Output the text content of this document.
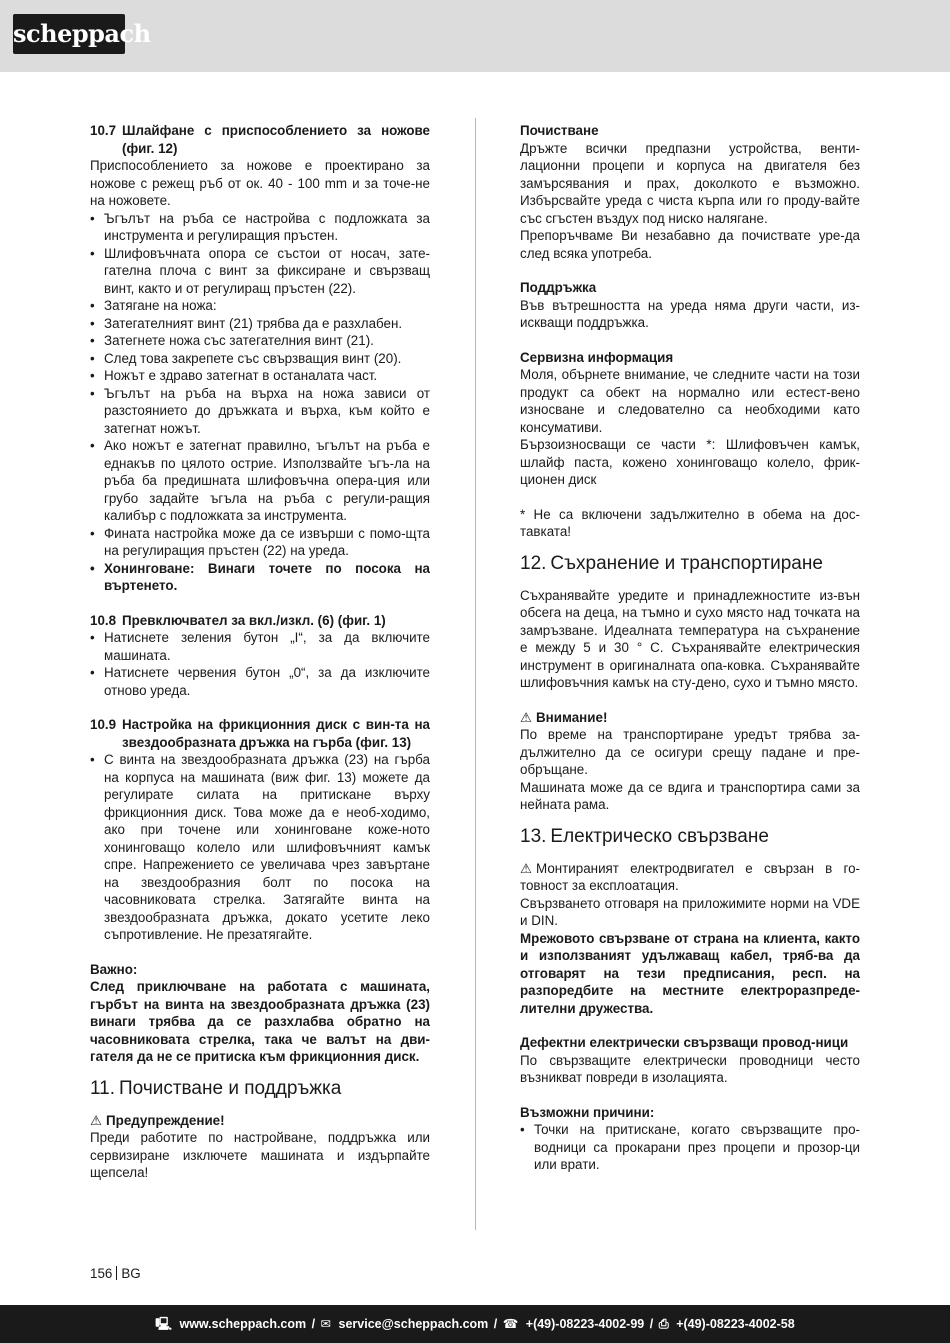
scheppach
10.7 Шлайфане с приспособлението за ножове (фиг. 12)

Приспособлението за ножове е проектирано за ножове с режещ ръб от ок. 40 - 100 mm и за точе-не на ножовете.

• Ъгълът на ръба се настройва с подложката за инструмента и регулиращия пръстен.
• Шлифовъчната опора се състои от носач, зате-гателна плоча с винт за фиксиране и свързващ винт, както и от регулиращ пръстен (22).
• Затягане на ножа:
• Затегателният винт (21) трябва да е разхлабен.
• Затегнете ножа със затегателния винт (21).
• След това закрепете със свързващия винт (20).
• Ножът е здраво затегнат в останалата част.
• Ъгълът на ръба на върха на ножа зависи от разстоянието до дръжката и върха, към който е затегнат ножът.
• Ако ножът е затегнат правилно, ъгълът на ръба е еднакъв по цялото острие. Използвайте ъгъ-ла на ръба ба предишната шлифовъчна опера-ция или грубо задайте ъгъла на ръба с регули-ращия калибър с подложката за инструмента.
• Фината настройка може да се извърши с помо-щта на регулиращия пръстен (22) на уреда.
• Хонинговане: Винаги точете по посока на въртенето.
10.8 Превключвател за вкл./изкл. (6) (фиг. 1)
• Натиснете зеления бутон „I“, за да включите машината.
• Натиснете червения бутон „0“, за да изключите отново уреда.
10.9 Настройка на фрикционния диск с вин-та на звездообразната дръжка на гърба (фиг. 13)
• С винта на звездообразната дръжка (23) на гърба на корпуса на машината (виж фиг. 13) можете да регулирате силата на притискане върху фрикционния диск. Това може да е необ-ходимо, ако при точене или хонинговане коже-ното хонинговащо колело или шлифовъчният камък спре. Напрежението се увеличава чрез завъртане на звездообразния болт по посока на часовниковата стрелка. Затягайте винта на звездообразната дръжка, докато усетите леко съпротивление. Не презатягайте.

Важно:

След приключване на работата с машината, гърбът на винта на звездообразната дръжка (23) винаги трябва да се разхлабва обратно на часовниковата стрелка, така че валът на дви-гателя да не се притиска към фрикционния диск.

11. Почистване и поддръжка

⚠ Предупреждение!

Преди работите по настройване, поддръжка или сервизиране изключете машината и издърпайте щепсела!

Почистване

Дръжте всички предпазни устройства, венти-лационни процепи и корпуса на двигателя без замърсявания и прах, доколкото е възможно. Избърсвайте уреда с чиста кърпа или го проду-вайте със сгъстен въздух под ниско налягане.

Препоръчваме Ви незабавно да почиствате уре-да след всяка употреба.

Поддръжка

Във вътрешността на уреда няма други части, из-искващи поддръжка.

Сервизна информация

Моля, обърнете внимание, че следните части на този продукт са обект на нормално или естест-вено износване и следователно са необходими като консумативи.

Бързоизносващи се части *: Шлифовъчен камък, шлайф паста, кожено хонинговащо колело, фрик-ционен диск

* Не са включени задължително в обема на дос-тавката!

12. Съхранение и транспортиране

Съхранявайте уредите и принадлежностите из-вън обсега на деца, на тъмно и сухо място над точката на замръзване. Идеалната температура на съхранение е между 5 и 30 ° C. Съхранявайте електрическия инструмент в оригиналната опа-ковка. Съхранявайте шлифовъчния камък на сту-дено, сухо и тъмно място.

⚠ Внимание!

По време на транспортиране уредът трябва за-дължително да се осигури срещу падане и пре-обръщане.

Машината може да се вдига и транспортира сами за нейната рама.

13. Електрическо свързване

⚠ Монтираният електродвигател е свързан в го-товност за експлоатация.

Свързването отговаря на приложимите норми на VDE и DIN.

Мрежовото свързване от страна на клиента, както и използваният удължаващ кабел, тряб-ва да отговарят на тези предписания, респ. на разпоредбите на местните електроразпреде-лителни дружества.

Дефектни електрически свързващи провод-ници

По свързващите електрически проводници често възникват повреди в изолацията.

Възможни причини:

• Точки на притискане, когато свързващите про-водници са прокарани през процепи и прозор-ци или врати.
156 BG
🖳 www.scheppach.com / ✉ service@scheppach.com / ☎ +(49)-08223-4002-99 / ⎙ +(49)-08223-4002-58
